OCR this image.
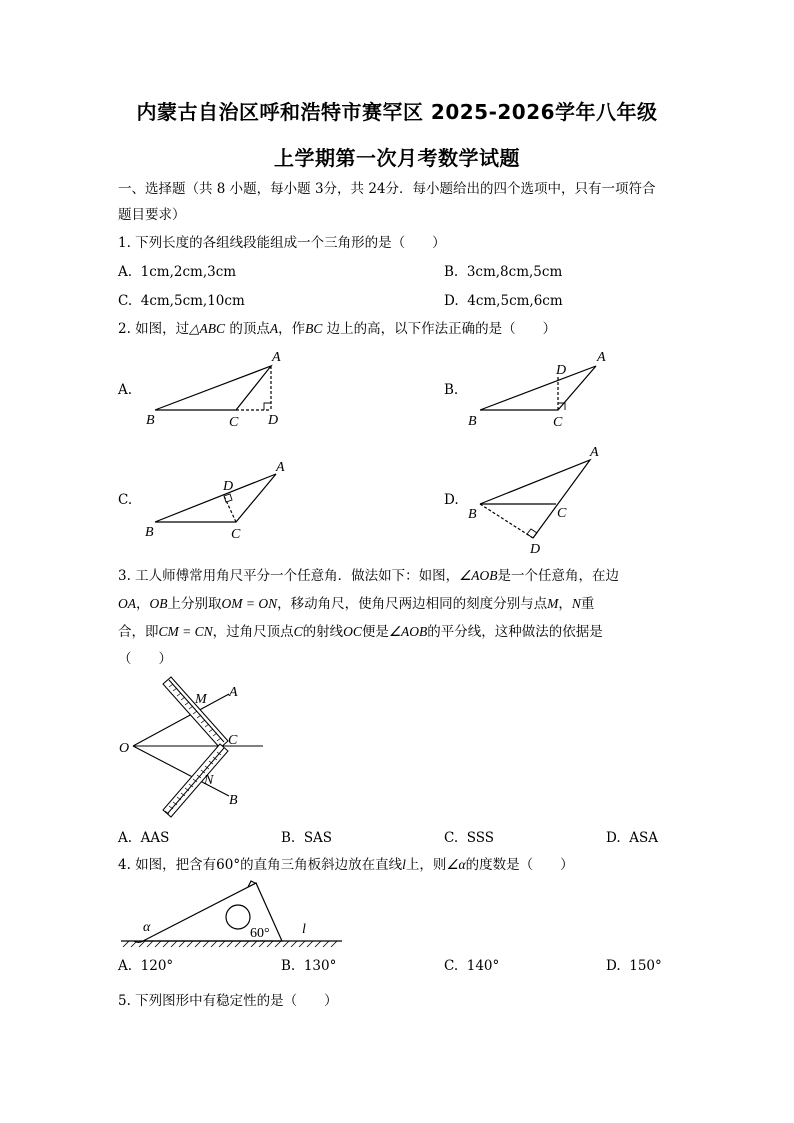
内蒙古自治区呼和浩特市赛罕区 2025-2026学年八年级
上学期第一次月考数学试题
一、选择题（共 8 小题，每小题 3分，共 24分．每小题给出的四个选项中，只有一项符合
题目要求）
1. 下列长度的各组线段能组成一个三角形的是（　　）
A. 1cm,2cm,3cm	B. 3cm,8cm,5cm
C. 4cm,5cm,10cm	D. 4cm,5cm,6cm
2. 如图，过△ABC 的顶点A，作BC 边上的高，以下作法正确的是（　　）
A.	B.
C.	D.
A
B	C D
A
D
B	C
A
D
B	C
A
B	C
D
O
M A
C
N
B
α	60° l
3. 工人师傅常用角尺平分一个任意角．做法如下：如图，∠AOB是一个任意角，在边
OA，OB上分别取OM = ON，移动角尺，使角尺两边相同的刻度分别与点M，N重
合，即CM = CN，过角尺顶点C的射线OC便是∠AOB的平分线，这种做法的依据是
（　　）
A. AAS	B. SAS	C. SSS	D. ASA
4. 如图，把含有60°的直角三角板斜边放在直线l上，则∠α的度数是（　　）
A. 120°	B. 130°	C. 140°	D. 150°
5. 下列图形中有稳定性的是（　　）
